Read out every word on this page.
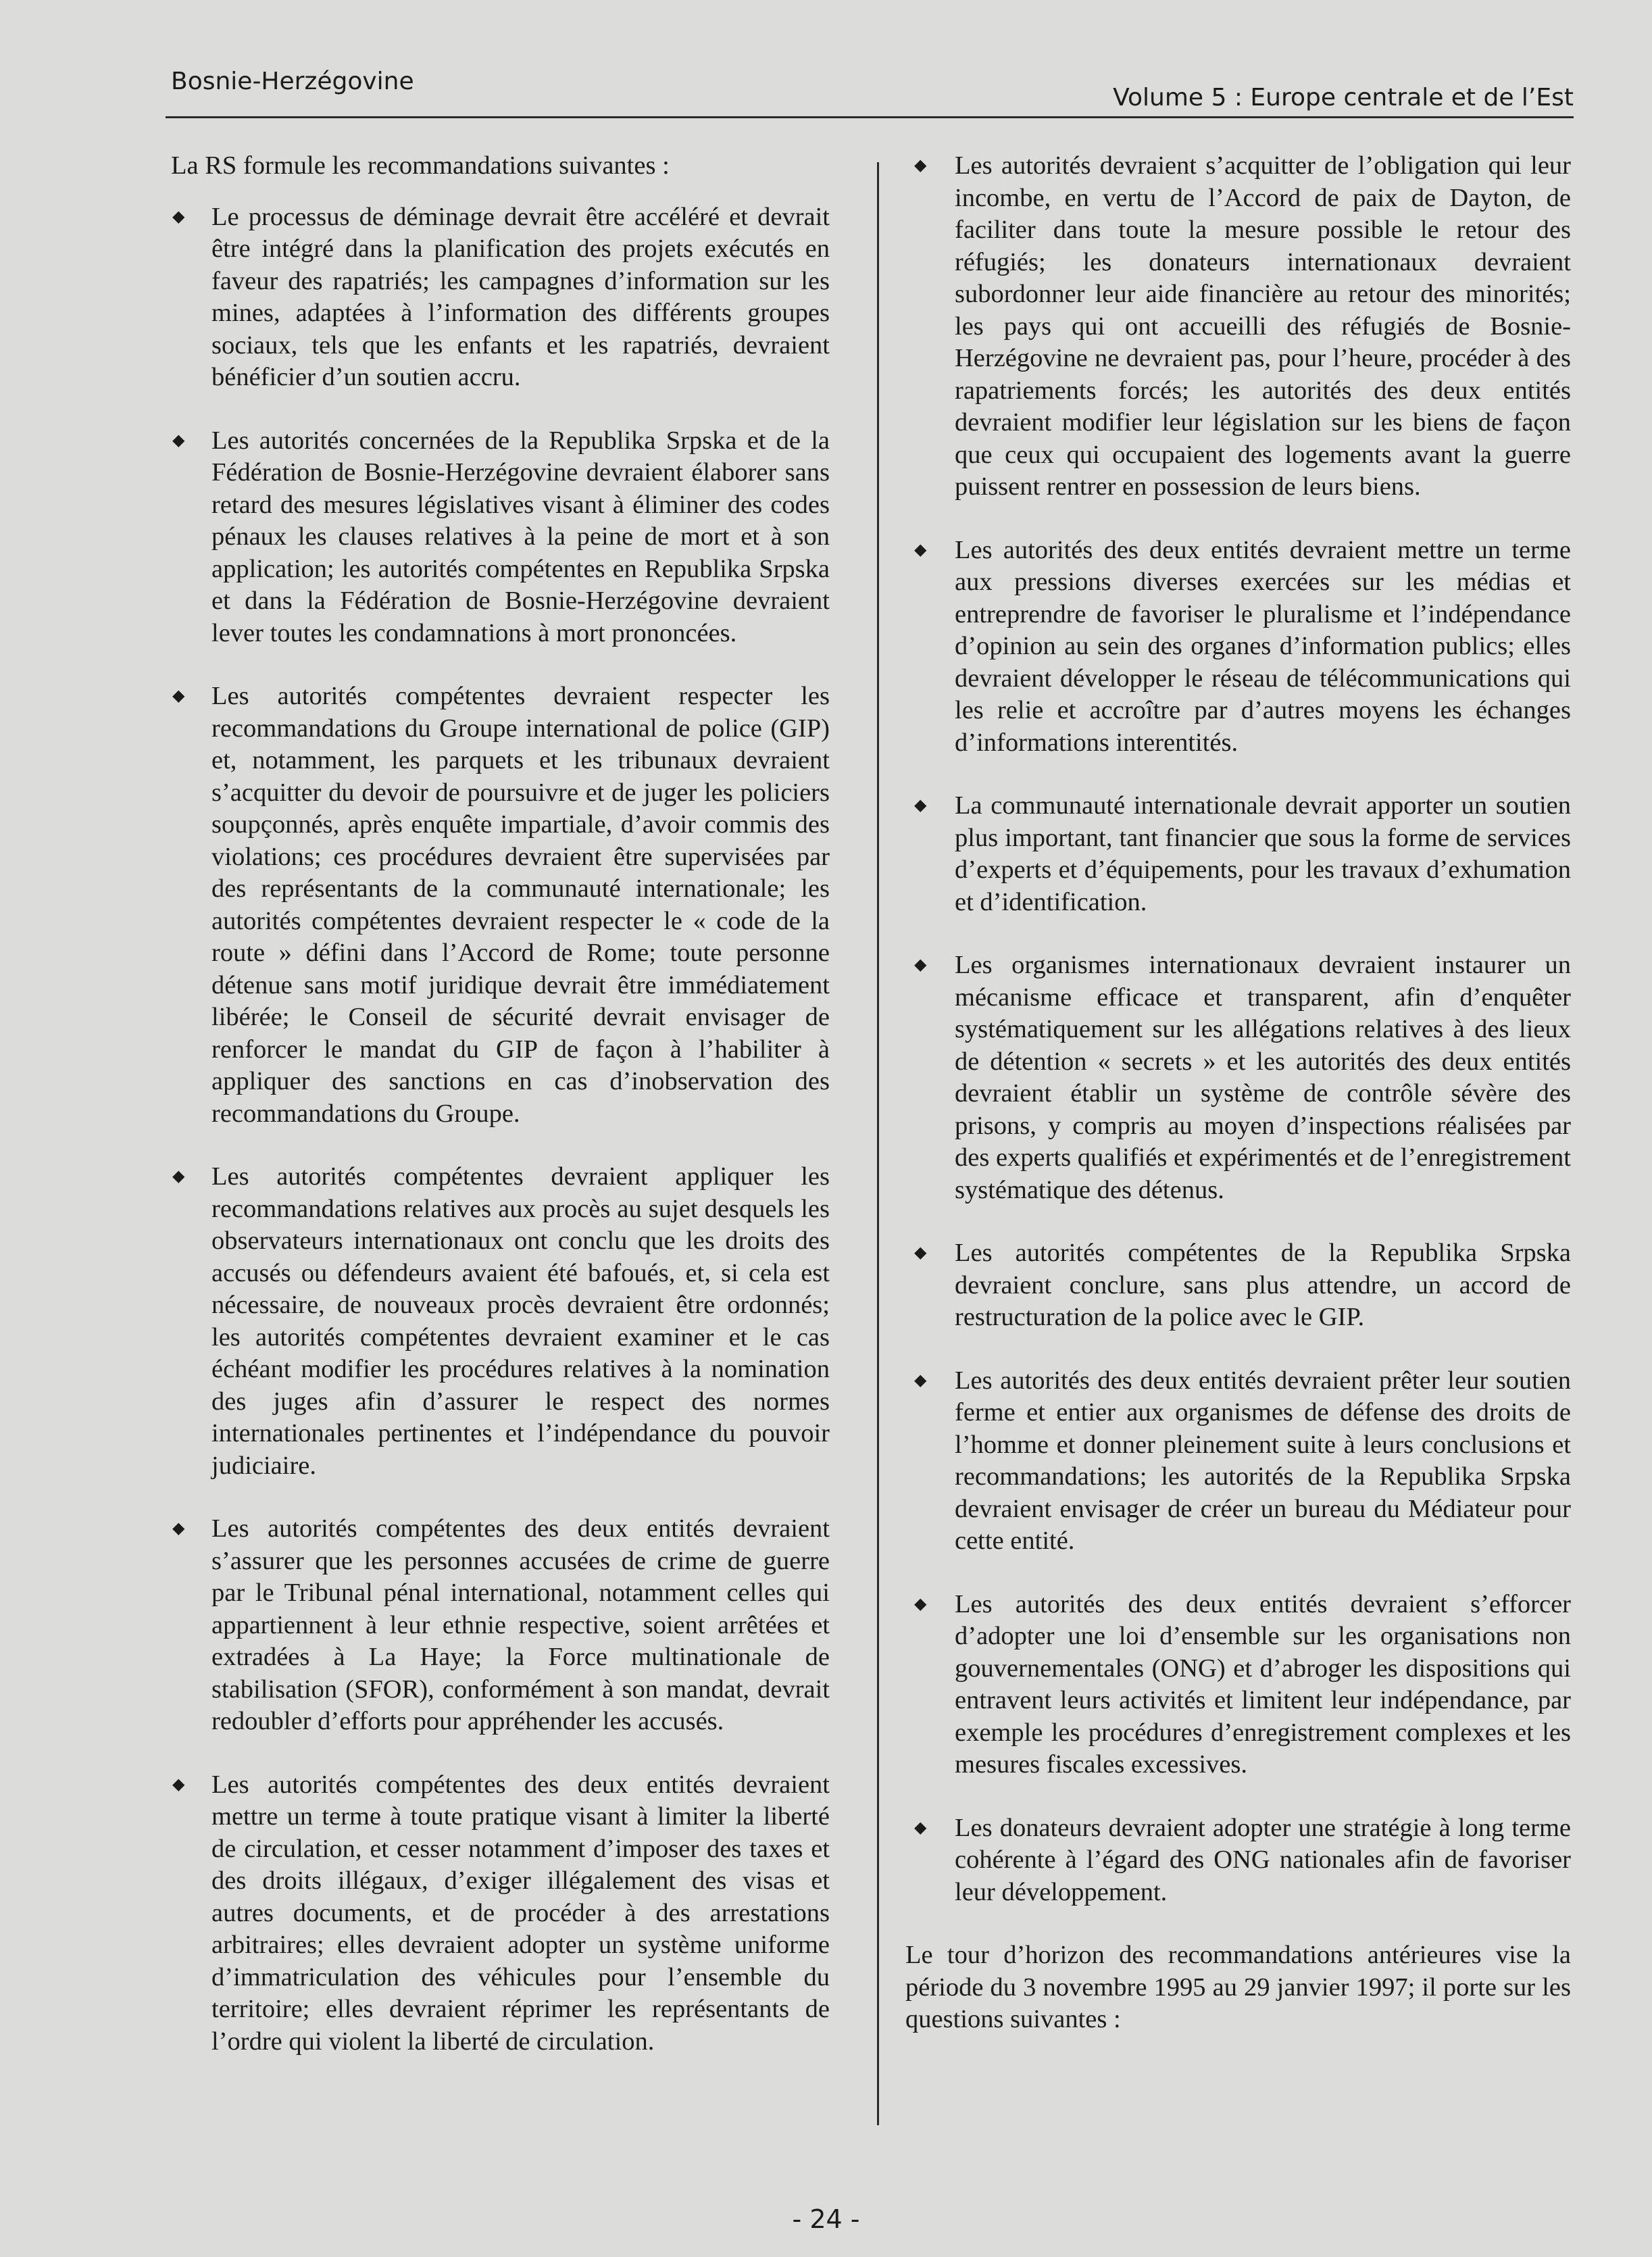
Bosnie-Herzégovine
Volume 5 : Europe centrale et de l’Est

La RS formule les recommandations suivantes :

◆ Le processus de déminage devrait être accéléré et devrait être intégré dans la planification des projets exécutés en faveur des rapatriés; les campagnes d’information sur les mines, adaptées à l’information des différents groupes sociaux, tels que les enfants et les rapatriés, devraient bénéficier d’un soutien accru.
◆ Les autorités concernées de la Republika Srpska et de la Fédération de Bosnie-Herzégovine devraient élaborer sans retard des mesures législatives visant à éliminer des codes pénaux les clauses relatives à la peine de mort et à son application; les autorités compétentes en Republika Srpska et dans la Fédération de Bosnie-Herzégovine devraient lever toutes les condamnations à mort prononcées.
◆ Les autorités compétentes devraient respecter les recommandations du Groupe international de police (GIP) et, notamment, les parquets et les tribunaux devraient s’acquitter du devoir de poursuivre et de juger les policiers soupçonnés, après enquête impartiale, d’avoir commis des violations; ces procédures devraient être supervisées par des représentants de la communauté internationale; les autorités compétentes devraient respecter le « code de la route » défini dans l’Accord de Rome; toute personne détenue sans motif juridique devrait être immédiatement libérée; le Conseil de sécurité devrait envisager de renforcer le mandat du GIP de façon à l’habiliter à appliquer des sanctions en cas d’inobservation des recommandations du Groupe.
◆ Les autorités compétentes devraient appliquer les recommandations relatives aux procès au sujet desquels les observateurs internationaux ont conclu que les droits des accusés ou défendeurs avaient été bafoués, et, si cela est nécessaire, de nouveaux procès devraient être ordonnés; les autorités compétentes devraient examiner et le cas échéant modifier les procédures relatives à la nomination des juges afin d’assurer le respect des normes internationales pertinentes et l’indépendance du pouvoir judiciaire.
◆ Les autorités compétentes des deux entités devraient s’assurer que les personnes accusées de crime de guerre par le Tribunal pénal international, notamment celles qui appartiennent à leur ethnie respective, soient arrêtées et extradées à La Haye; la Force multinationale de stabilisation (SFOR), conformément à son mandat, devrait redoubler d’efforts pour appréhender les accusés.
◆ Les autorités compétentes des deux entités devraient mettre un terme à toute pratique visant à limiter la liberté de circulation, et cesser notamment d’imposer des taxes et des droits illégaux, d’exiger illégalement des visas et autres documents, et de procéder à des arrestations arbitraires; elles devraient adopter un système uniforme d’immatriculation des véhicules pour l’ensemble du territoire; elles devraient réprimer les représentants de l’ordre qui violent la liberté de circulation.
◆ Les autorités devraient s’acquitter de l’obligation qui leur incombe, en vertu de l’Accord de paix de Dayton, de faciliter dans toute la mesure possible le retour des réfugiés; les donateurs internationaux devraient subordonner leur aide financière au retour des minorités; les pays qui ont accueilli des réfugiés de Bosnie-Herzégovine ne devraient pas, pour l’heure, procéder à des rapatriements forcés; les autorités des deux entités devraient modifier leur législation sur les biens de façon que ceux qui occupaient des logements avant la guerre puissent rentrer en possession de leurs biens.
◆ Les autorités des deux entités devraient mettre un terme aux pressions diverses exercées sur les médias et entreprendre de favoriser le pluralisme et l’indépendance d’opinion au sein des organes d’information publics; elles devraient développer le réseau de télécommunications qui les relie et accroître par d’autres moyens les échanges d’informations interentités.
◆ La communauté internationale devrait apporter un soutien plus important, tant financier que sous la forme de services d’experts et d’équipements, pour les travaux d’exhumation et d’identification.
◆ Les organismes internationaux devraient instaurer un mécanisme efficace et transparent, afin d’enquêter systématiquement sur les allégations relatives à des lieux de détention « secrets » et les autorités des deux entités devraient établir un système de contrôle sévère des prisons, y compris au moyen d’inspections réalisées par des experts qualifiés et expérimentés et de l’enregistrement systématique des détenus.
◆ Les autorités compétentes de la Republika Srpska devraient conclure, sans plus attendre, un accord de restructuration de la police avec le GIP.
◆ Les autorités des deux entités devraient prêter leur soutien ferme et entier aux organismes de défense des droits de l’homme et donner pleinement suite à leurs conclusions et recommandations; les autorités de la Republika Srpska devraient envisager de créer un bureau du Médiateur pour cette entité.
◆ Les autorités des deux entités devraient s’efforcer d’adopter une loi d’ensemble sur les organisations non gouvernementales (ONG) et d’abroger les dispositions qui entravent leurs activités et limitent leur indépendance, par exemple les procédures d’enregistrement complexes et les mesures fiscales excessives.
◆ Les donateurs devraient adopter une stratégie à long terme cohérente à l’égard des ONG nationales afin de favoriser leur développement.

Le tour d’horizon des recommandations antérieures vise la période du 3 novembre 1995 au 29 janvier 1997; il porte sur les questions suivantes :

- 24 -
